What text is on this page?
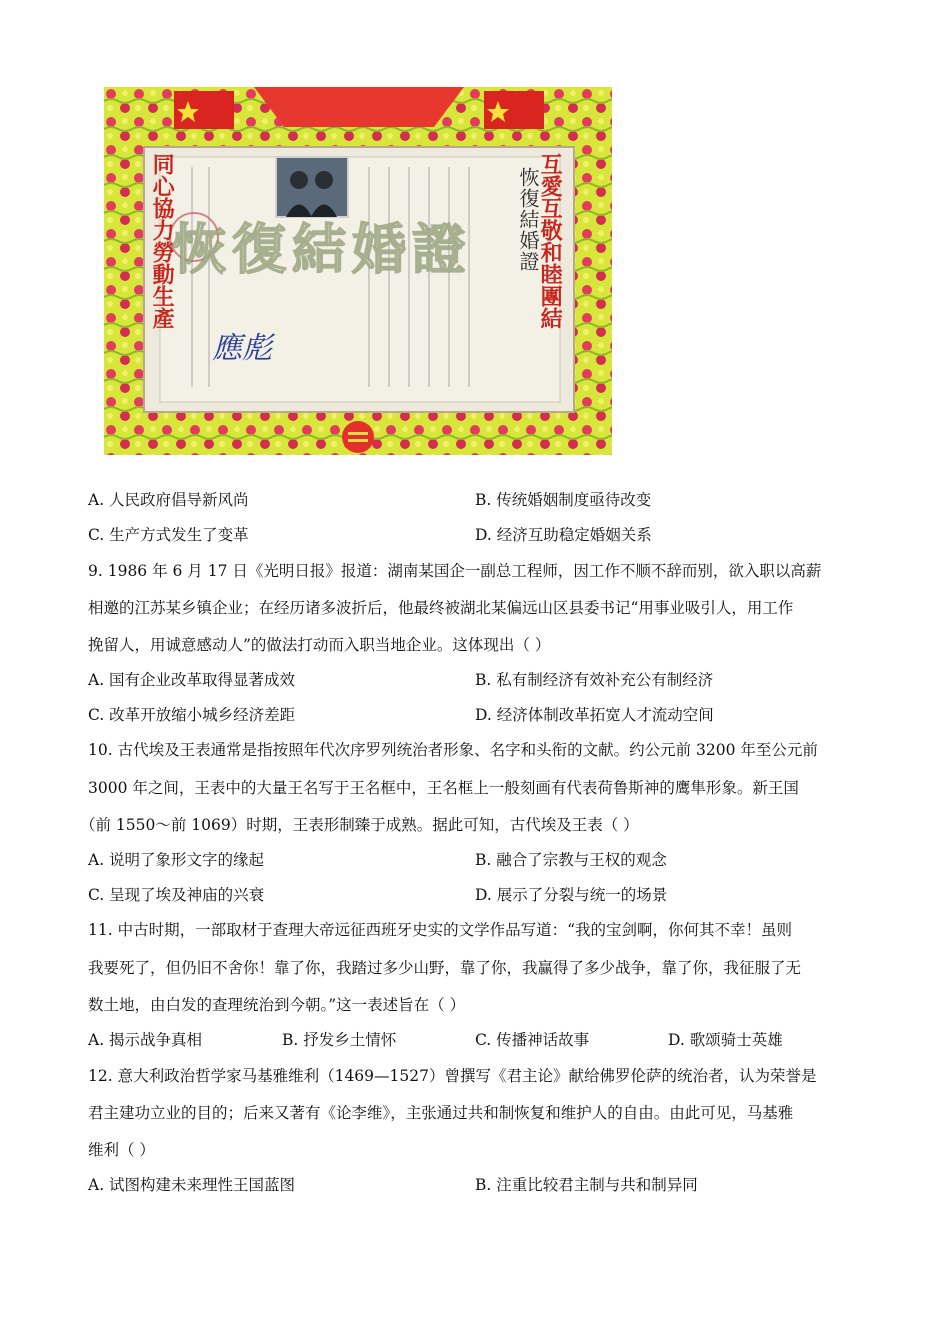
同心協力勞動生產	互愛互敬和睦團結
恢復結婚證
恢復結婚證
應彪
A. 人民政府倡导新风尚	B. 传统婚姻制度亟待改变
C. 生产方式发生了变革	D. 经济互助稳定婚姻关系
9. 1986 年 6 月 17 日《光明日报》报道：湖南某国企一副总工程师，因工作不顺不辞而别，欲入职以高薪
相邀的江苏某乡镇企业；在经历诸多波折后，他最终被湖北某偏远山区县委书记“用事业吸引人，用工作
挽留人，用诚意感动人”的做法打动而入职当地企业。这体现出（ ）
A. 国有企业改革取得显著成效	B. 私有制经济有效补充公有制经济
C. 改革开放缩小城乡经济差距	D. 经济体制改革拓宽人才流动空间
10. 古代埃及王表通常是指按照年代次序罗列统治者形象、名字和头衔的文献。约公元前 3200 年至公元前
3000 年之间，王表中的大量王名写于王名框中，王名框上一般刻画有代表荷鲁斯神的鹰隼形象。新王国
（前 1550～前 1069）时期，王表形制臻于成熟。据此可知，古代埃及王表（ ）
A. 说明了象形文字的缘起	B. 融合了宗教与王权的观念
C. 呈现了埃及神庙的兴衰	D. 展示了分裂与统一的场景
11. 中古时期，一部取材于查理大帝远征西班牙史实的文学作品写道：“我的宝剑啊，你何其不幸！虽则
我要死了，但仍旧不舍你！靠了你，我踏过多少山野，靠了你，我赢得了多少战争，靠了你，我征服了无
数土地，由白发的查理统治到今朝。”这一表述旨在（ ）
A. 揭示战争真相	B. 抒发乡土情怀	C. 传播神话故事	D. 歌颂骑士英雄
12. 意大利政治哲学家马基雅维利（1469—1527）曾撰写《君主论》献给佛罗伦萨的统治者，认为荣誉是
君主建功立业的目的；后来又著有《论李维》，主张通过共和制恢复和维护人的自由。由此可见，马基雅
维利（ ）
A. 试图构建未来理性王国蓝图	B. 注重比较君主制与共和制异同
